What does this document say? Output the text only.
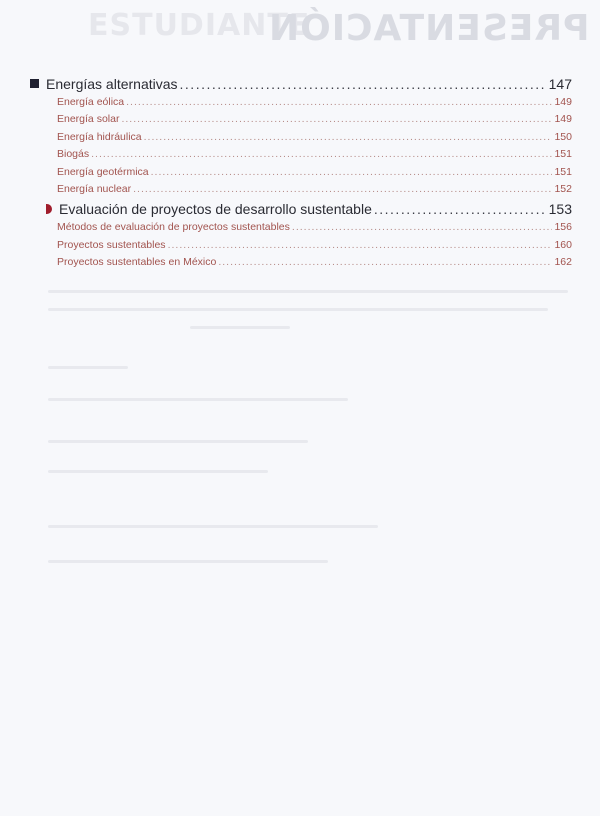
ESTUDIANTE
PRESENTACIÓN
Energías alternativas .....	147
Energía eólica .....	149
Energía solar .....	149
Energía hidráulica .....	150
Biogás .....	151
Energía geotérmica .....	151
Energía nuclear .....	152
Evaluación de proyectos de desarrollo sustentable .....	153
Métodos de evaluación de proyectos sustentables .....	156
Proyectos sustentables .....	160
Proyectos sustentables en México .....	162
